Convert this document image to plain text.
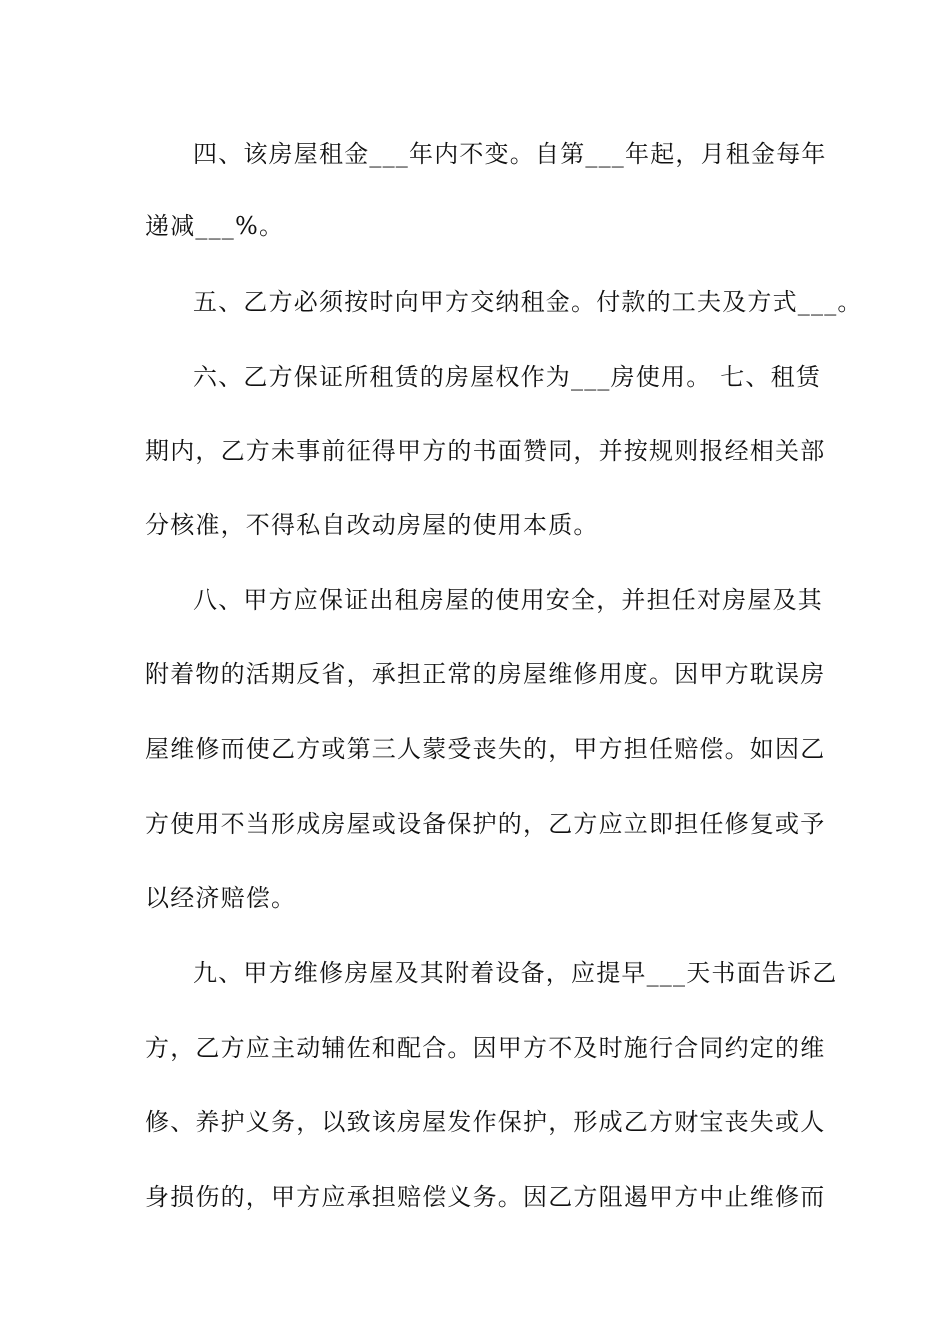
四、该房屋租金___年内不变。自第___年起，月租金每年
递减___%。
五、乙方必须按时向甲方交纳租金。付款的工夫及方式___。
六、乙方保证所租赁的房屋权作为___房使用。 七、租赁
期内，乙方未事前征得甲方的书面赞同，并按规则报经相关部
分核准，不得私自改动房屋的使用本质。
八、甲方应保证出租房屋的使用安全，并担任对房屋及其
附着物的活期反省，承担正常的房屋维修用度。因甲方耽误房
屋维修而使乙方或第三人蒙受丧失的，甲方担任赔偿。如因乙
方使用不当形成房屋或设备保护的，乙方应立即担任修复或予
以经济赔偿。
九、甲方维修房屋及其附着设备，应提早___天书面告诉乙
方，乙方应主动辅佐和配合。因甲方不及时施行合同约定的维
修、养护义务，以致该房屋发作保护，形成乙方财宝丧失或人
身损伤的，甲方应承担赔偿义务。因乙方阻遏甲方中止维修而
